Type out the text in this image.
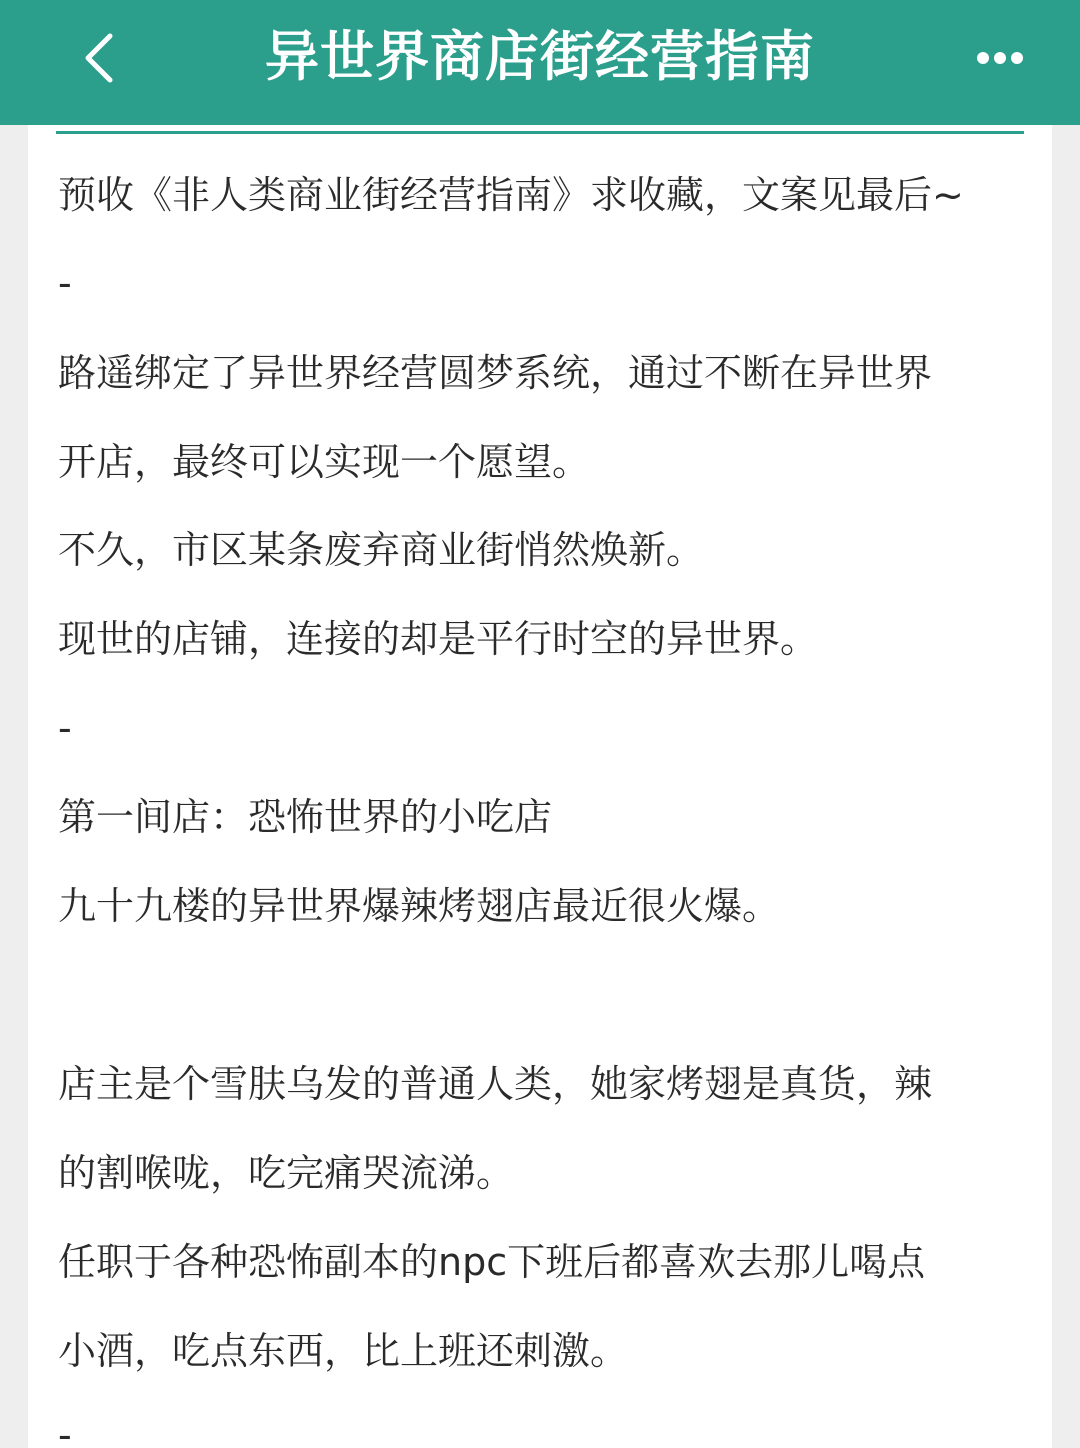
异世界商店街经营指南
预收《非人类商业街经营指南》求收藏，文案见最后~
-
路遥绑定了异世界经营圆梦系统，通过不断在异世界
开店，最终可以实现一个愿望。
不久，市区某条废弃商业街悄然焕新。
现世的店铺，连接的却是平行时空的异世界。
-
第一间店：恐怖世界的小吃店
九十九楼的异世界爆辣烤翅店最近很火爆。
店主是个雪肤乌发的普通人类，她家烤翅是真货，辣
的割喉咙，吃完痛哭流涕。
任职于各种恐怖副本的npc下班后都喜欢去那儿喝点
小酒，吃点东西，比上班还刺激。
-
